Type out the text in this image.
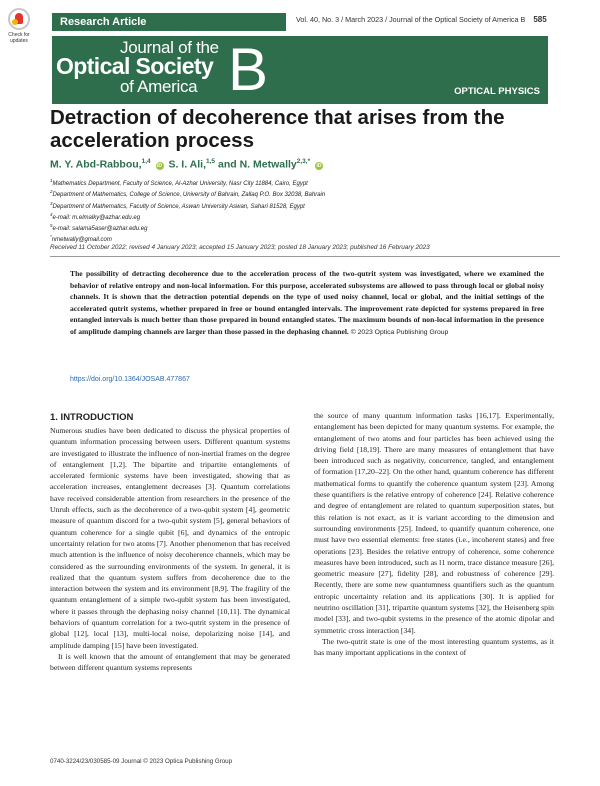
Check for updates
Research Article	Vol. 40, No. 3 / March 2023 / Journal of the Optical Society of America B 585
Journal of the
Optical Society
of America B	OPTICAL PHYSICS
Detraction of decoherence that arises from the acceleration process
M. Y. Abd-Rabbou,$^{1,4}$ iD S. I. Ali,$^{1,5}$ and N. Metwally$^{2,3,*}$ iD
$^1$Mathematics Department, Faculty of Science, Al-Azhar University, Nasr City 11884, Cairo, Egypt
$^2$Department of Mathematics, College of Science, University of Bahrain, Zallaq P.O. Box 32038, Bahrain
$^3$Department of Mathematics, Faculty of Science, Aswan University Aswan, Sahari 81528, Egypt
$^4$e-mail: m.elmalky@azhar.edu.eg
$^5$e-mail: salama5aser@azhar.edu.eg
*nmetwally@gmail.com
Received 11 October 2022; revised 4 January 2023; accepted 15 January 2023; posted 18 January 2023; published 16 February 2023
The possibility of detracting decoherence due to the acceleration process of the two-qutrit system was investigated, where we examined the behavior of relative entropy and non-local information. For this purpose, accelerated subsystems are allowed to pass through local or global noisy channels. It is shown that the detraction potential depends on the type of used noisy channel, local or global, and the initial settings of the accelerated qutrit systems, whether prepared in free or bound entangled intervals. The improvement rate depicted for systems prepared in free entangled intervals is much better than those prepared in bound entangled states. The maximum bounds of non-local information in the presence of amplitude damping channels are larger than those passed in the dephasing channel. © 2023 Optica Publishing Group
https://doi.org/10.1364/JOSAB.477867
1. INTRODUCTION

Numerous studies have been dedicated to discuss the physical properties of quantum information processing between users. Different quantum systems are investigated to illustrate the influence of non-inertial frames on the degree of entanglement [1,2]. The bipartite and tripartite entanglements of accelerated fermionic systems have been investigated, showing that as acceleration increases, entanglement decreases [3]. Quantum correlations have received considerable attention from researchers in the presence of the Unruh effects, such as the decoherence of a two-qubit system [4], geometric measure of quantum discord for a two-qubit system [5], general behaviors of quantum coherence for a single qubit [6], and dynamics of the entropic uncertainty relation for two atoms [7]. Another phenomenon that has received much attention is the influence of noisy decoherence channels, which may be considered as the surrounding environments of the system. In general, it is realized that the quantum system suffers from decoherence due to the interaction between the system and its environment [8,9]. The fragility of the quantum entanglement of a simple two-qubit system has been investigated, where it passes through the dephasing noisy channel [10,11]. The dynamical behaviors of quantum correlation for a two-qutrit system in the presence of global [12], local [13], multi-local noise, depolarizing noise [14], and amplitude damping [15] have been investigated.

It is well known that the amount of entanglement that may be generated between different quantum systems represents

the source of many quantum information tasks [16,17]. Experimentally, entanglement has been depicted for many quantum systems. For example, the entanglement of two atoms and four particles has been achieved using the driving field [18,19]. There are many measures of entanglement that have been introduced such as negativity, concurrence, tangled, and entanglement of formation [17,20–22]. On the other hand, quantum coherence has different mathematical forms to quantify the coherence quantum system [23]. Among these quantifiers is the relative entropy of coherence [24]. Relative coherence and degree of entanglement are related to quantum superposition states, but this relation is not exact, as it is variant according to the dimension and surrounding environments [25]. Indeed, to quantify quantum coherence, one must have two essential elements: free states (i.e., incoherent states) and free operations [23]. Besides the relative entropy of coherence, some coherence measures have been introduced, such as l1 norm, trace distance measure [26], geometric measure [27], fidelity [28], and robustness of coherence [29]. Recently, there are some new quantumness quantifiers such as the quantum entropic uncertainty relation and its applications [30]. It is applied for neutrino oscillation [31], tripartite quantum systems [32], the Heisenberg spin model [33], and two-qubit systems in the presence of the atomic dipolar and symmetric cross interaction [34].

The two-qutrit state is one of the most interesting quantum systems, as it has many important applications in the context of

0740-3224/23/030585-09 Journal © 2023 Optica Publishing Group
